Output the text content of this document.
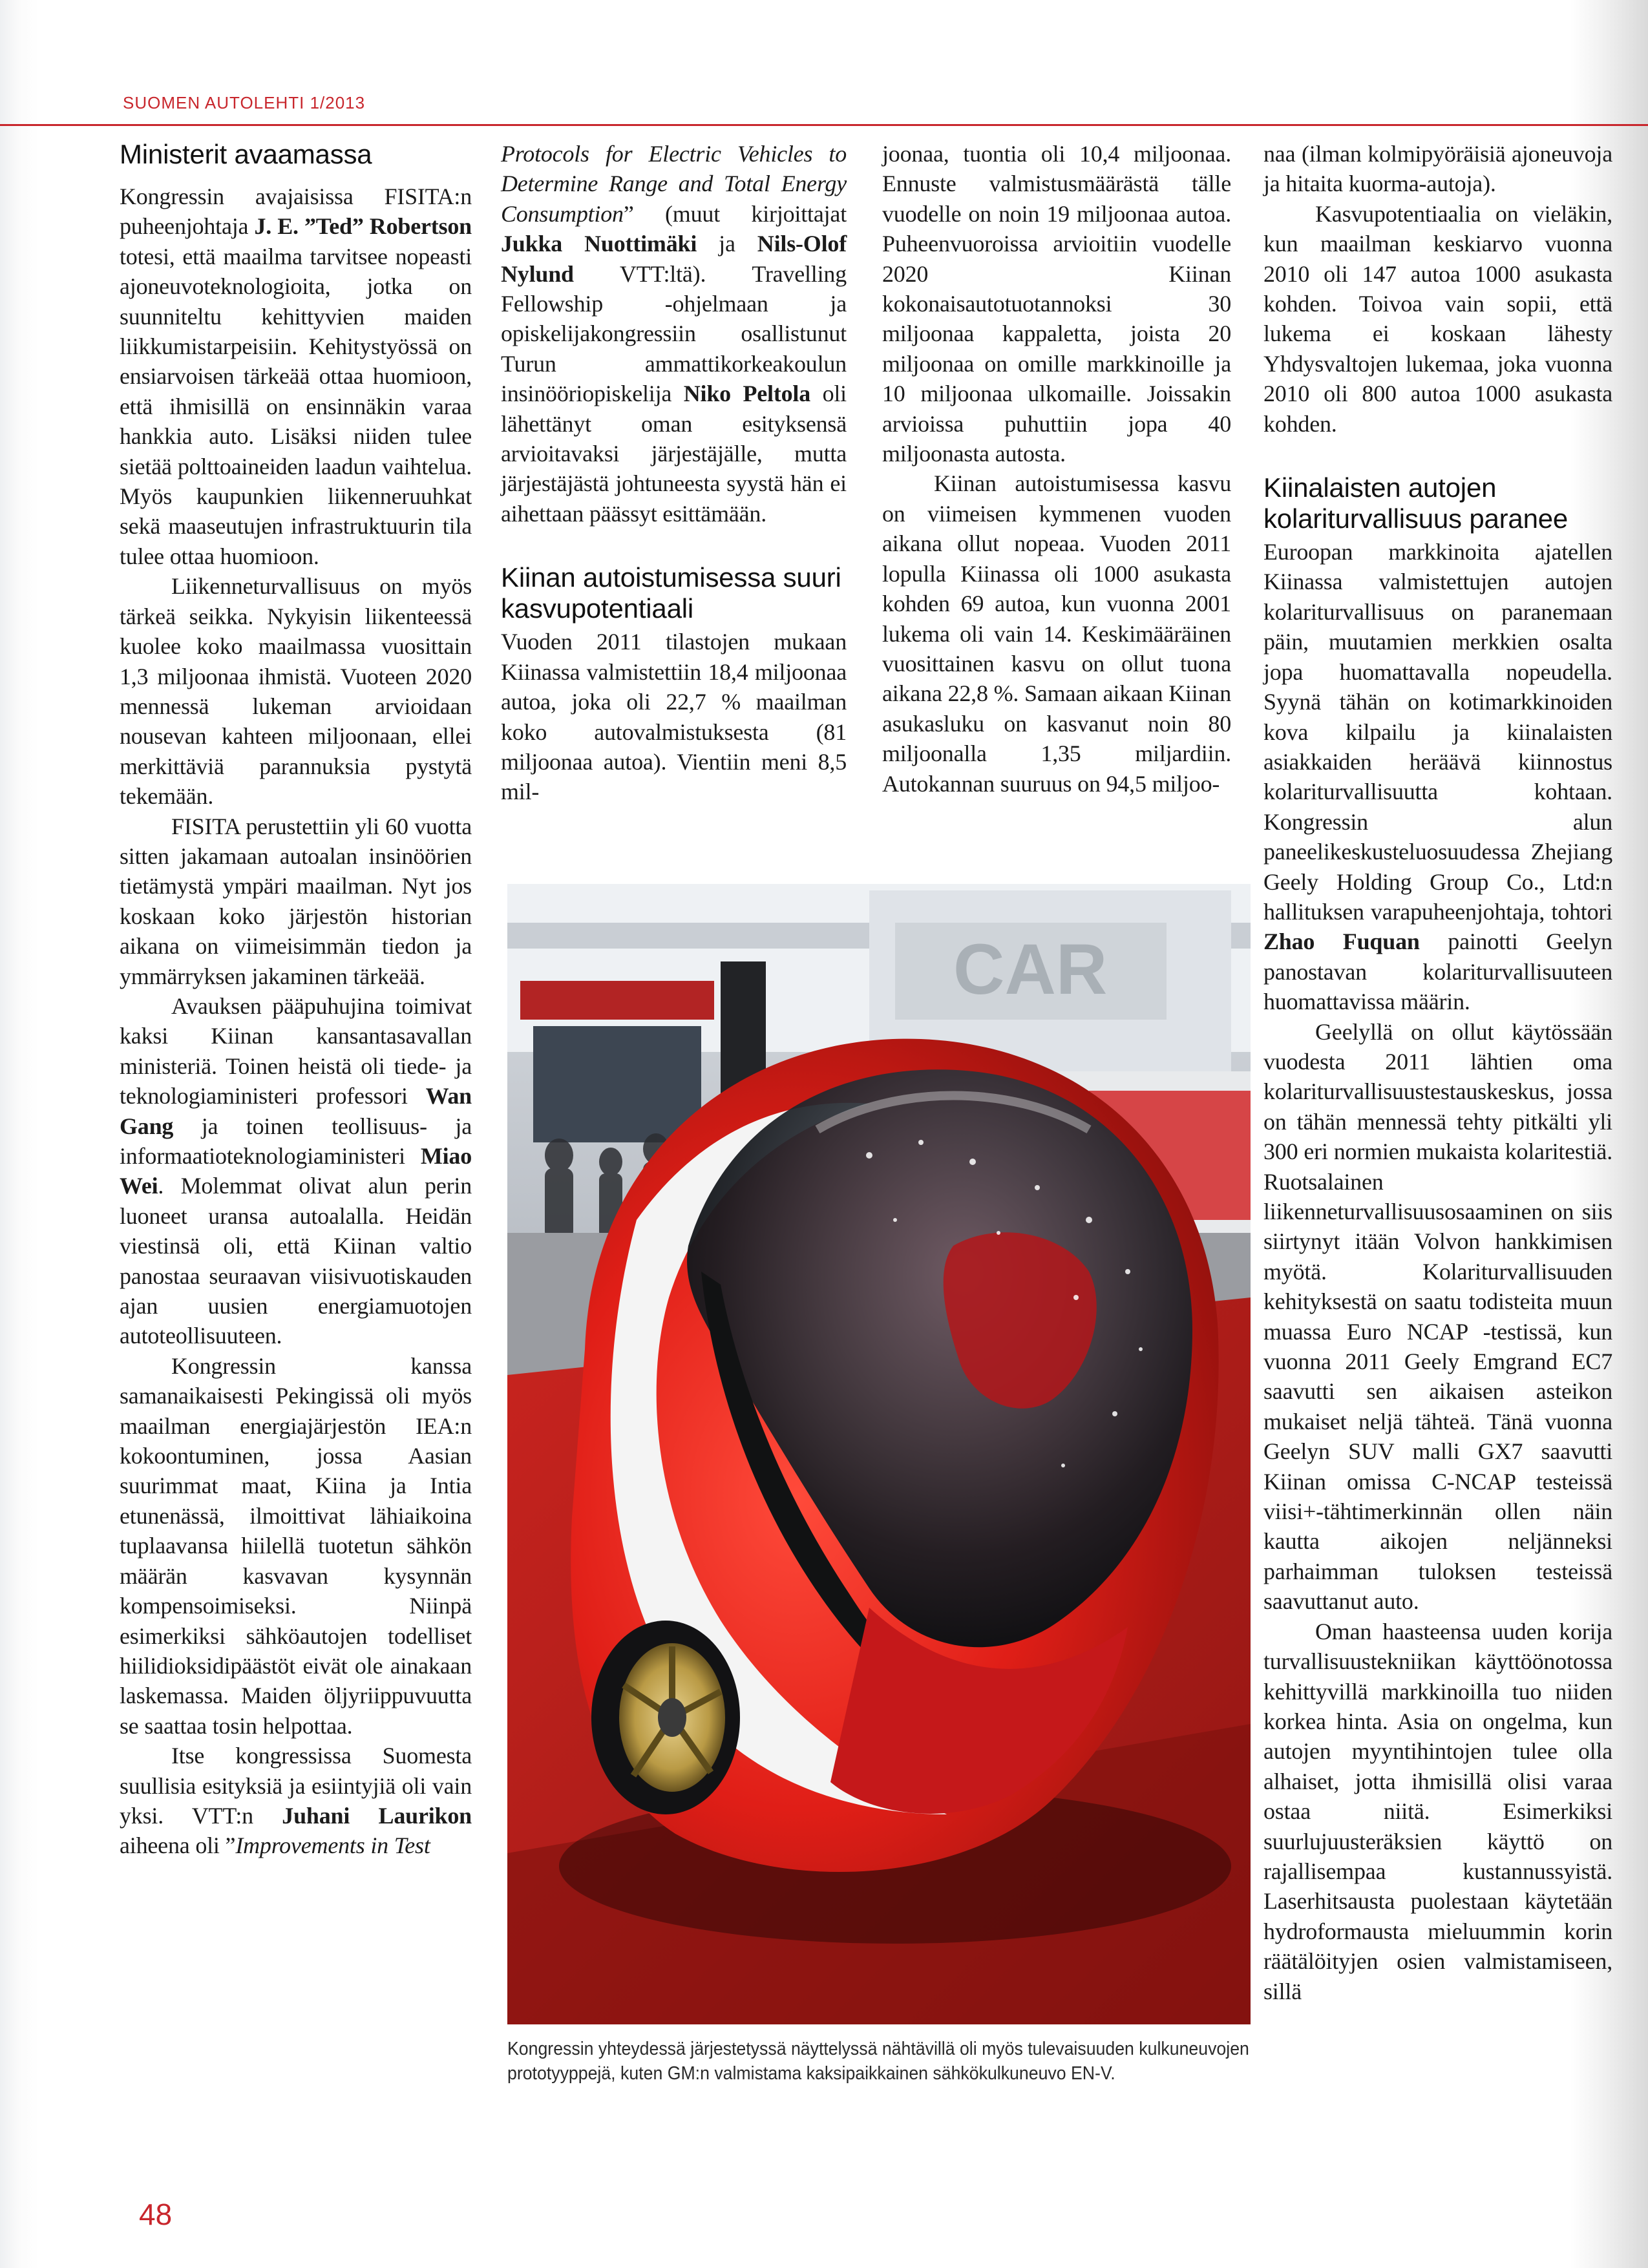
SUOMEN AUTOLEHTI 1/2013
Ministerit avaamassa

Kongressin avajaisissa FISITA:n puheenjohtaja J. E. ”Ted” Robertson totesi, että maailma tarvitsee nopeasti ajoneuvoteknologioita, jotka on suunniteltu kehittyvien maiden liikkumistarpeisiin. Kehitystyössä on ensiarvoisen tärkeää ottaa huomioon, että ihmisillä on ensinnäkin varaa hankkia auto. Lisäksi niiden tulee sietää polttoaineiden laadun vaihtelua. Myös kaupunkien liikenneruuhkat sekä maaseutujen infrastruktuurin tila tulee ottaa huomioon.

Liikenneturvallisuus on myös tärkeä seikka. Nykyisin liikenteessä kuolee koko maailmassa vuosittain 1,3 miljoonaa ihmistä. Vuoteen 2020 mennessä lukeman arvioidaan nousevan kahteen miljoonaan, ellei merkittäviä parannuksia pystytä tekemään.

FISITA perustettiin yli 60 vuotta sitten jakamaan autoalan insinöörien tietämystä ympäri maailman. Nyt jos koskaan koko järjestön historian aikana on viimeisimmän tiedon ja ymmärryksen jakaminen tärkeää.

Avauksen pääpuhujina toimivat kaksi Kiinan kansantasavallan ministeriä. Toinen heistä oli tiede- ja teknologiaministeri professori Wan Gang ja toinen teollisuus- ja informaatioteknologiaministeri Miao Wei. Molemmat olivat alun perin luoneet uransa autoalalla. Heidän viestinsä oli, että Kiinan valtio panostaa seuraavan viisivuotiskauden ajan uusien energiamuotojen autoteollisuuteen.

Kongressin kanssa samanaikaisesti Pekingissä oli myös maailman energiajärjestön IEA:n kokoontuminen, jossa Aasian suurimmat maat, Kiina ja Intia etunenässä, ilmoittivat lähiaikoina tuplaavansa hiilellä tuotetun sähkön määrän kasvavan kysynnän kompensoimiseksi. Niinpä esimerkiksi sähköautojen todelliset hiilidioksidipäästöt eivät ole ainakaan laskemassa. Maiden öljyriippuvuutta se saattaa tosin helpottaa.

Itse kongressissa Suomesta suullisia esityksiä ja esiintyjiä oli vain yksi. VTT:n Juhani Laurikon aiheena oli ”Improvements in Test

Protocols for Electric Vehicles to Determine Range and Total Energy Consumption” (muut kirjoittajat Jukka Nuottimäki ja Nils-Olof Nylund VTT:ltä). Travelling Fellowship -ohjelmaan ja opiskelijakongressiin osallistunut Turun ammattikorkeakoulun insinööriopiskelija Niko Peltola oli lähettänyt oman esityksensä arvioitavaksi järjestäjälle, mutta järjestäjästä johtuneesta syystä hän ei aihettaan päässyt esittämään.

Kiinan autoistumisessa suuri kasvupotentiaali

Vuoden 2011 tilastojen mukaan Kiinassa valmistettiin 18,4 miljoonaa autoa, joka oli 22,7 % maailman koko autovalmistuksesta (81 miljoonaa autoa). Vientiin meni 8,5 mil-

joonaa, tuontia oli 10,4 miljoonaa. Ennuste valmistusmäärästä tälle vuodelle on noin 19 miljoonaa autoa. Puheenvuoroissa arvioitiin vuodelle 2020 Kiinan kokonaisautotuotannoksi 30 miljoonaa kappaletta, joista 20 miljoonaa on omille markkinoille ja 10 miljoonaa ulkomaille. Joissakin arvioissa puhuttiin jopa 40 miljoonasta autosta.

Kiinan autoistumisessa kasvu on viimeisen kymmenen vuoden aikana ollut nopeaa. Vuoden 2011 lopulla Kiinassa oli 1000 asukasta kohden 69 autoa, kun vuonna 2001 lukema oli vain 14. Keskimääräinen vuosittainen kasvu on ollut tuona aikana 22,8 %. Samaan aikaan Kiinan asukasluku on kasvanut noin 80 miljoonalla 1,35 miljardiin. Autokannan suuruus on 94,5 miljoo-

naa (ilman kolmipyöräisiä ajoneuvoja ja hitaita kuorma-autoja).

Kasvupotentiaalia on vieläkin, kun maailman keskiarvo vuonna 2010 oli 147 autoa 1000 asukasta kohden. Toivoa vain sopii, että lukema ei koskaan lähesty Yhdysvaltojen lukemaa, joka vuonna 2010 oli 800 autoa 1000 asukasta kohden.

Kiinalaisten autojen kolariturvallisuus paranee

Euroopan markkinoita ajatellen Kiinassa valmistettujen autojen kolariturvallisuus on paranemaan päin, muutamien merkkien osalta jopa huomattavalla nopeudella. Syynä tähän on kotimarkkinoiden kova kilpailu ja kiinalaisten asiakkaiden heräävä kiinnostus kolariturvallisuutta kohtaan. Kongressin alun paneelikeskusteluosuudessa Zhejiang Geely Holding Group Co., Ltd:n hallituksen varapuheenjohtaja, tohtori Zhao Fuquan painotti Geelyn panostavan kolariturvallisuuteen huomattavissa määrin.

Geelyllä on ollut käytössään vuodesta 2011 lähtien oma kolariturvallisuustestauskeskus, jossa on tähän mennessä tehty pitkälti yli 300 eri normien mukaista kolaritestiä. Ruotsalainen liikenneturvallisuusosaaminen on siis siirtynyt itään Volvon hankkimisen myötä. Kolariturvallisuuden kehityksestä on saatu todisteita muun muassa Euro NCAP -testissä, kun vuonna 2011 Geely Emgrand EC7 saavutti sen aikaisen asteikon mukaiset neljä tähteä. Tänä vuonna Geelyn SUV malli GX7 saavutti Kiinan omissa C-NCAP testeissä viisi+-tähtimerkinnän ollen näin kautta aikojen neljänneksi parhaimman tuloksen testeissä saavuttanut auto.

Oman haasteensa uuden korija turvallisuustekniikan käyttöönotossa kehittyvillä markkinoilla tuo niiden korkea hinta. Asia on ongelma, kun autojen myyntihintojen tulee olla alhaiset, jotta ihmisillä olisi varaa ostaa niitä. Esimerkiksi suurlujuusteräksien käyttö on rajallisempaa kustannussyistä. Laserhitsausta puolestaan käytetään hydroformausta mieluummin korin räätälöityjen osien valmistamiseen, sillä

CAR
Kongressin yhteydessä järjestetyssä näyttelyssä nähtävillä oli myös tulevaisuuden kulkuneuvojen prototyyppejä, kuten GM:n valmistama kaksipaikkainen sähkökulkuneuvo EN-V.
48
